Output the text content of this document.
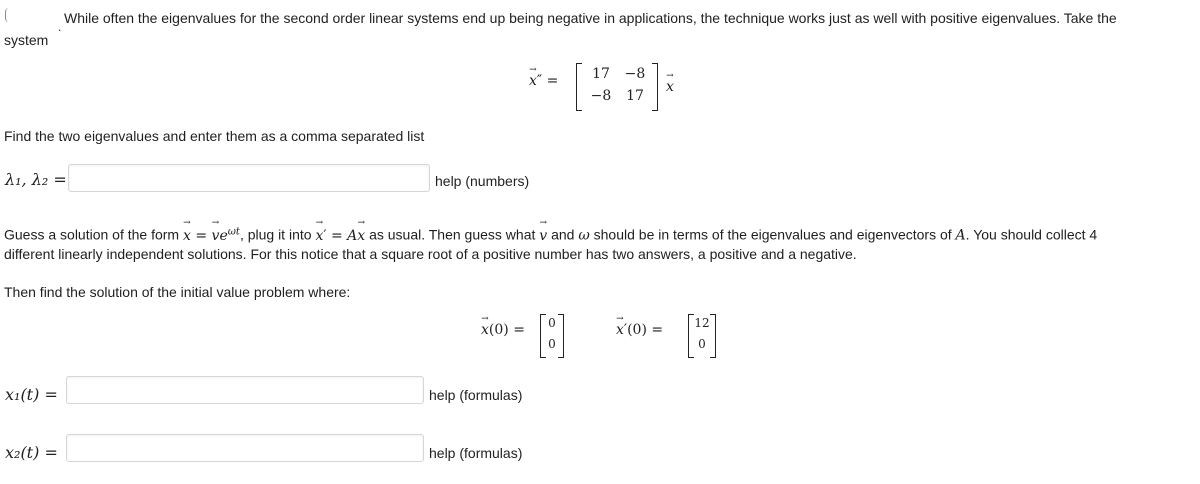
.
While often the eigenvalues for the second order linear systems end up being negative in applications, the technique works just as well with positive eigenvalues. Take the
system
x
→
″ =	17	−8
−8	17
x
→
Find the two eigenvalues and enter them as a comma separated list
λ₁, λ₂ =	help (numbers)
Guess a solution of the form x
→
= v
→
$e^{\omega t}$, plug it into x
→
′ = Ax
→
as usual. Then guess what v
→
and ω should be in terms of the eigenvalues and eigenvectors of A. You should collect 4
different linearly independent solutions. For this notice that a square root of a positive number has two answers, a positive and a negative.
Then find the solution of the initial value problem where:
x
→
(0) =	0
0
x
→
′(0) =	12
0
x₁(t) =	help (formulas)
x₂(t) =	help (formulas)
